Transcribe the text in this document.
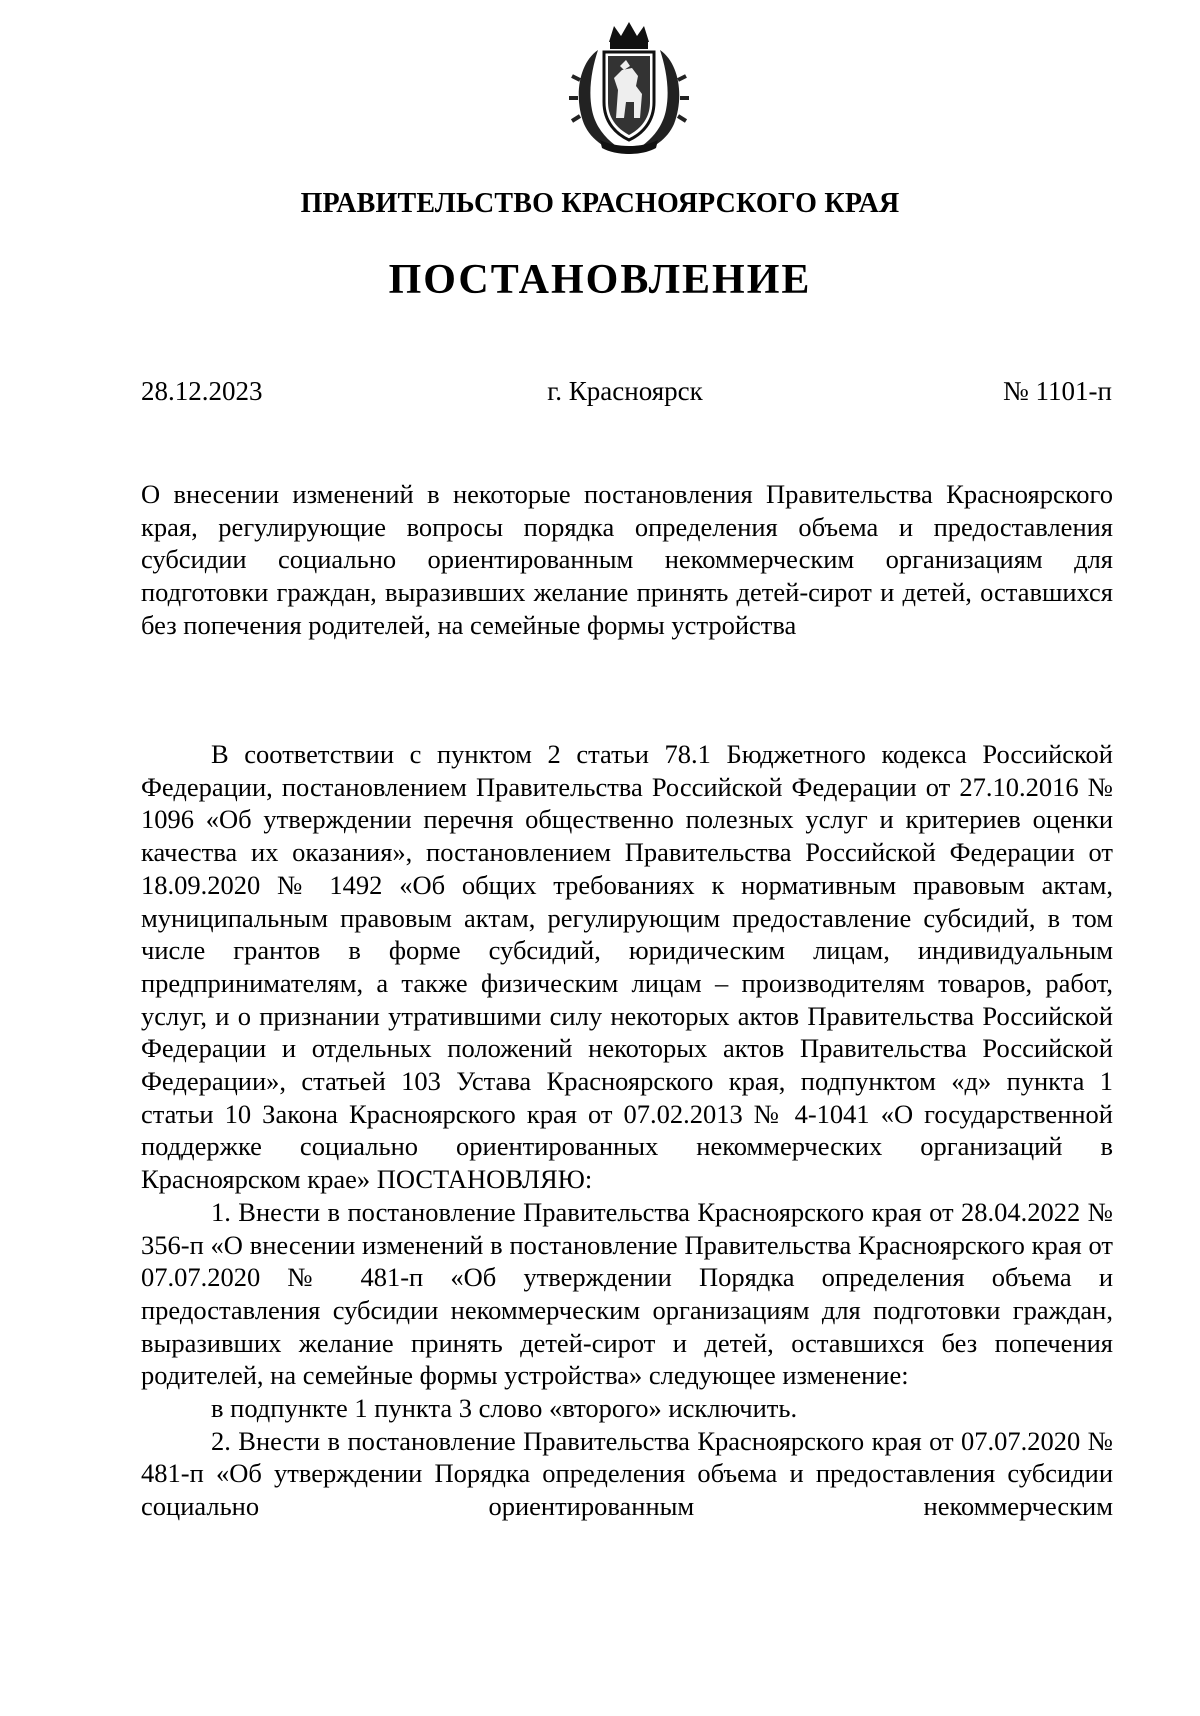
ПРАВИТЕЛЬСТВО КРАСНОЯРСКОГО КРАЯ
ПОСТАНОВЛЕНИЕ
28.12.2023	г. Красноярск	№ 1101-п
О внесении изменений в некоторые постановления Правительства Красноярского края, регулирующие вопросы порядка определения объема и предоставления субсидии социально ориентированным некоммерческим организациям для подготовки граждан, выразивших желание принять детей-сирот и детей, оставшихся без попечения родителей, на семейные формы устройства

В соответствии с пунктом 2 статьи 78.1 Бюджетного кодекса Российской Федерации, постановлением Правительства Российской Федерации от 27.10.2016 № 1096 «Об утверждении перечня общественно полезных услуг и критериев оценки качества их оказания», постановлением Правительства Российской Федерации от 18.09.2020 № 1492 «Об общих требованиях к нормативным правовым актам, муниципальным правовым актам, регулирующим предоставление субсидий, в том числе грантов в форме субсидий, юридическим лицам, индивидуальным предпринимателям, а также физическим лицам – производителям товаров, работ, услуг, и о признании утратившими силу некоторых актов Правительства Российской Федерации и отдельных положений некоторых актов Правительства Российской Федерации», статьей 103 Устава Красноярского края, подпунктом «д» пункта 1 статьи 10 Закона Красноярского края от 07.02.2013 № 4-1041 «О государственной поддержке социально ориентированных некоммерческих организаций в Красноярском крае» ПОСТАНОВЛЯЮ:

1. Внести в постановление Правительства Красноярского края от 28.04.2022 № 356-п «О внесении изменений в постановление Правительства Красноярского края от 07.07.2020 № 481-п «Об утверждении Порядка определения объема и предоставления субсидии некоммерческим организациям для подготовки граждан, выразивших желание принять детей-сирот и детей, оставшихся без попечения родителей, на семейные формы устройства» следующее изменение:

в подпункте 1 пункта 3 слово «второго» исключить.

2. Внести в постановление Правительства Красноярского края от 07.07.2020 № 481-п «Об утверждении Порядка определения объема и предоставления субсидии социально ориентированным некоммерческим
